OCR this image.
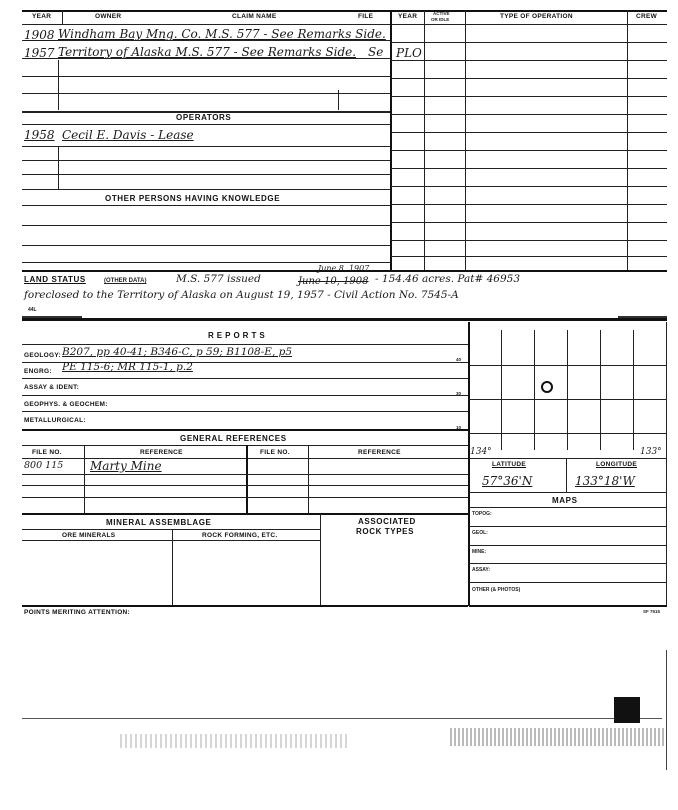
YEAR	OWNER	CLAIM NAME	FILE	YEAR	ACTIVE
OR IDLE	TYPE OF OPERATION	CREW
1908 Windham Bay Mng. Co. M.S. 577 - See Remarks Side.
1957 Territory of Alaska M.S. 577 - See Remarks Side. Se PLO
OPERATORS
1958 Cecil E. Davis - Lease
OTHER PERSONS HAVING KNOWLEDGE
LAND STATUS	(OTHER DATA)	M.S. 577 issued	June 10, 1908
June 8, 1907
- 154.46 acres. Pat# 46953
foreclosed to the Territory of Alaska on August 19, 1957 - Civil Action No. 7545-A
44L
REPORTS
GEOLOGY: B207, pp 40-41; B346-C, p 59; B1108-E, p5
ENGRG: PE 115-6; MR 115-1, p.2
ASSAY & IDENT:
GEOPHYS. & GEOCHEM:
METALLURGICAL:
40
30
10
GENERAL REFERENCES
FILE NO.	REFERENCE	FILE NO.	REFERENCE
800 115 Marty Mine
MINERAL ASSEMBLAGE	ASSOCIATED
ROCK TYPES
ORE MINERALS	ROCK FORMING, ETC.
134°	133°
LATITUDE	LONGITUDE
57°36'N	133°18'W
MAPS
TOPOG:
GEOL:
MINE:
ASSAY:
OTHER (& PHOTOS)
POINTS MERITING ATTENTION:	SF 7515
